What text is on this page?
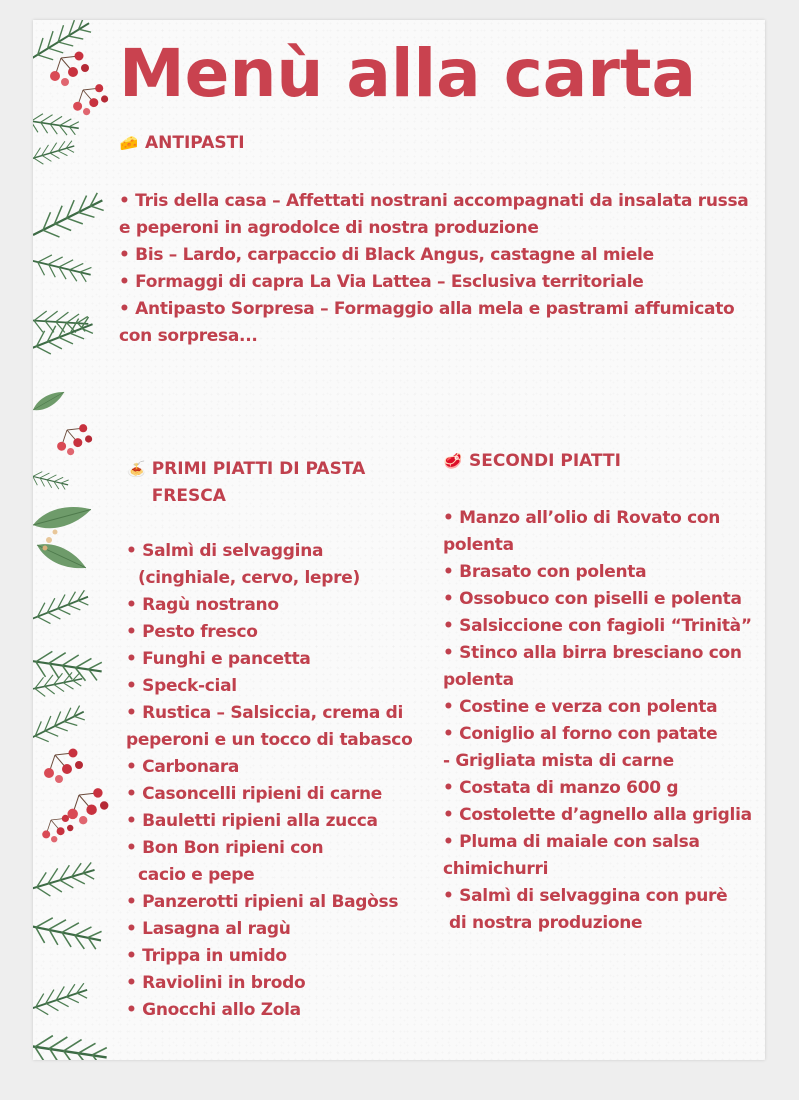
Menù alla carta
🧀 ANTIPASTI
• Tris della casa – Affettati nostrani accompagnati da insalata russa e peperoni in agrodolce di nostra produzione
• Bis – Lardo, carpaccio di Black Angus, castagne al miele
• Formaggi di capra La Via Lattea – Esclusiva territoriale
• Antipasto Sorpresa – Formaggio alla mela e pastrami affumicato con sorpresa...
🍝 PRIMI PIATTI DI PASTA FRESCA
• Salmì di selvaggina
(cinghiale, cervo, lepre)
• Ragù nostrano
• Pesto fresco
• Funghi e pancetta
• Speck-cial
• Rustica – Salsiccia, crema di peperoni e un tocco di tabasco
• Carbonara
• Casoncelli ripieni di carne
• Bauletti ripieni alla zucca
• Bon Bon ripieni con
cacio e pepe
• Panzerotti ripieni al Bagòss
• Lasagna al ragù
• Trippa in umido
• Raviolini in brodo
• Gnocchi allo Zola
🥩 SECONDI PIATTI
• Manzo all’olio di Rovato con polenta
• Brasato con polenta
• Ossobuco con piselli e polenta
• Salsiccione con fagioli “Trinità”
• Stinco alla birra bresciano con polenta
• Costine e verza con polenta
• Coniglio al forno con patate
- Grigliata mista di carne
• Costata di manzo 600 g
• Costolette d’agnello alla griglia
• Pluma di maiale con salsa chimichurri
• Salmì di selvaggina con purè
di nostra produzione
